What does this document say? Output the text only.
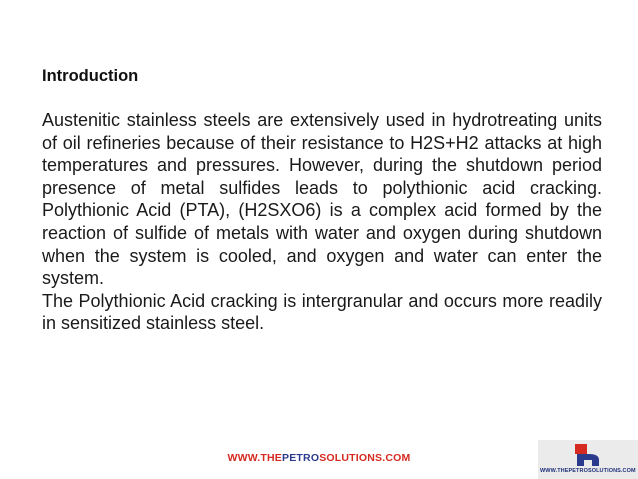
Introduction

Austenitic stainless steels are extensively used in hydrotreating units of oil refineries because of their resistance to H2S+H2 attacks at high temperatures and pressures. However, during the shutdown period presence of metal sulfides leads to polythionic acid cracking. Polythionic Acid (PTA), (H2SXO6) is a complex acid formed by the reaction of sulfide of metals with water and oxygen during shutdown when the system is cooled, and oxygen and water can enter the system.

The Polythionic Acid cracking is intergranular and occurs more readily in sensitized stainless steel.

WWW.THEPETROSOLUTIONS.COM
WWW.THEPETROSOLUTIONS.COM
